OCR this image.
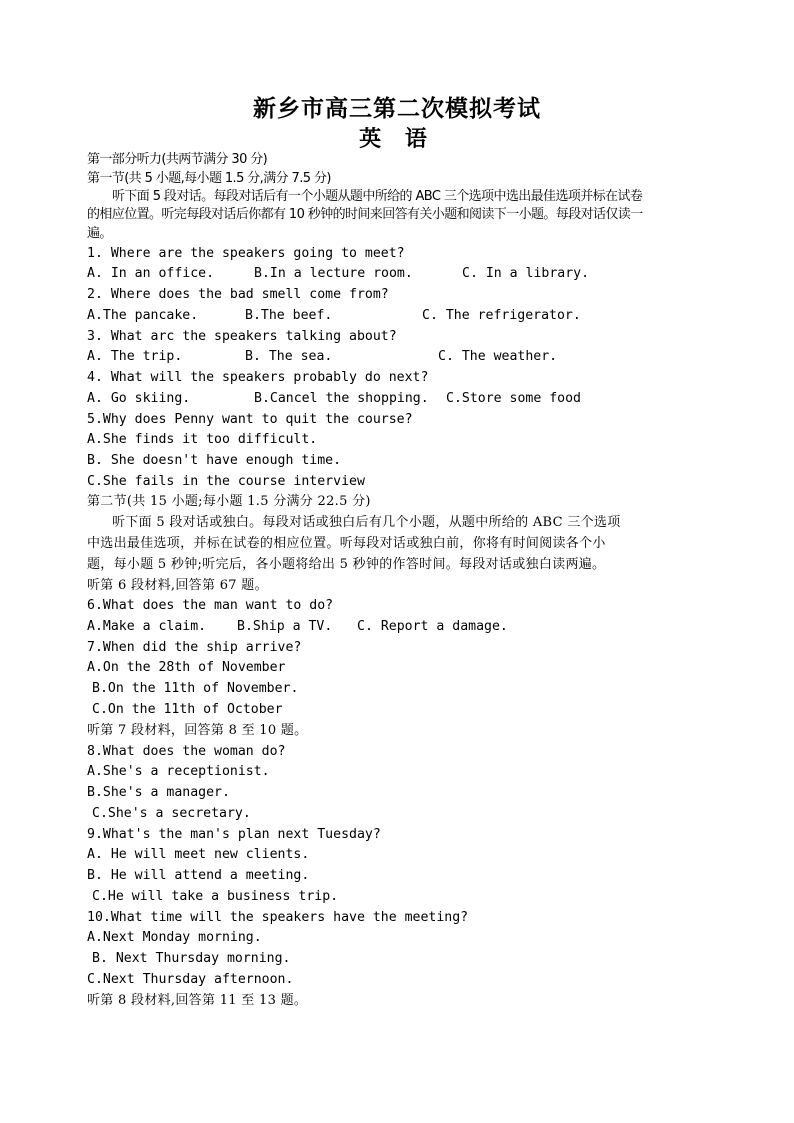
新乡市高三第二次模拟考试
英 语
第一部分听力(共两节满分 30 分)
第一节(共 5 小题,每小题 1.5 分,满分 7.5 分)
听下面 5 段对话。每段对话后有一个小题从题中所给的 ABC 三个选项中选出最佳选项并标在试卷
的相应位置。听完每段对话后你都有 10 秒钟的时间来回答有关小题和阅读下一小题。每段对话仅读一
遍。
1. Where are the speakers going to meet?
A. In an office.	B.In a lecture room.	C. In a library.
2. Where does the bad smell come from?
A.The pancake.	B.The beef.	C. The refrigerator.
3. What arc the speakers talking about?
A. The trip.	B. The sea.	C. The weather.
4. What will the speakers probably do next?
A. Go skiing.	B.Cancel the shopping. C.Store some food
5.Why does Penny want to quit the course?
A.She finds it too difficult.
B. She doesn't have enough time.
C.She fails in the course interview
第二节(共 15 小题;每小题 1.5 分满分 22.5 分)
听下面 5 段对话或独白。每段对话或独白后有几个小题，从题中所给的 ABC 三个选项
中选出最佳选项，并标在试卷的相应位置。听每段对话或独白前，你将有时间阅读各个小
题，每小题 5 秒钟;听完后，各小题将给出 5 秒钟的作答时间。每段对话或独白读两遍。
听第 6 段材料,回答第 67 题。
6.What does the man want to do?
A.Make a claim. B.Ship a TV. C. Report a damage.
7.When did the ship arrive?
A.On the 28th of November
B.On the 11th of November.
C.On the 11th of October
听第 7 段材料，回答第 8 至 10 题。
8.What does the woman do?
A.She's a receptionist.
B.She's a manager.
C.She's a secretary.
9.What's the man's plan next Tuesday?
A. He will meet new clients.
B. He will attend a meeting.
C.He will take a business trip.
10.What time will the speakers have the meeting?
A.Next Monday morning.
B. Next Thursday morning.
C.Next Thursday afternoon.
听第 8 段材料,回答第 11 至 13 题。
